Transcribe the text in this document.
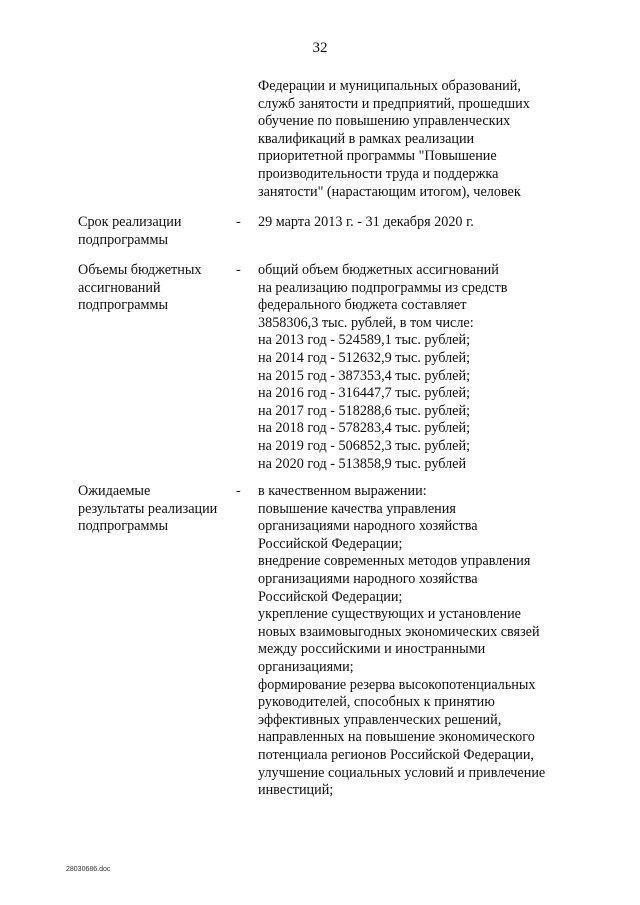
32
Федерации и муниципальных образований,
служб занятости и предприятий, прошедших
обучение по повышению управленческих
квалификаций в рамках реализации
приоритетной программы "Повышение
производительности труда и поддержка
занятости" (нарастающим итогом), человек
Срок реализации
подпрограммы
- 29 марта 2013 г. - 31 декабря 2020 г.
Объемы бюджетных
ассигнований
подпрограммы
- общий объем бюджетных ассигнований
на реализацию подпрограммы из средств
федерального бюджета составляет
3858306,3 тыс. рублей, в том числе:
на 2013 год - 524589,1 тыс. рублей;
на 2014 год - 512632,9 тыс. рублей;
на 2015 год - 387353,4 тыс. рублей;
на 2016 год - 316447,7 тыс. рублей;
на 2017 год - 518288,6 тыс. рублей;
на 2018 год - 578283,4 тыс. рублей;
на 2019 год - 506852,3 тыс. рублей;
на 2020 год - 513858,9 тыс. рублей
Ожидаемые
результаты реализации
подпрограммы
- в качественном выражении:
повышение качества управления
организациями народного хозяйства
Российской Федерации;
внедрение современных методов управления
организациями народного хозяйства
Российской Федерации;
укрепление существующих и установление
новых взаимовыгодных экономических связей
между российскими и иностранными
организациями;
формирование резерва высокопотенциальных
руководителей, способных к принятию
эффективных управленческих решений,
направленных на повышение экономического
потенциала регионов Российской Федерации,
улучшение социальных условий и привлечение
инвестиций;
28030686.doc
